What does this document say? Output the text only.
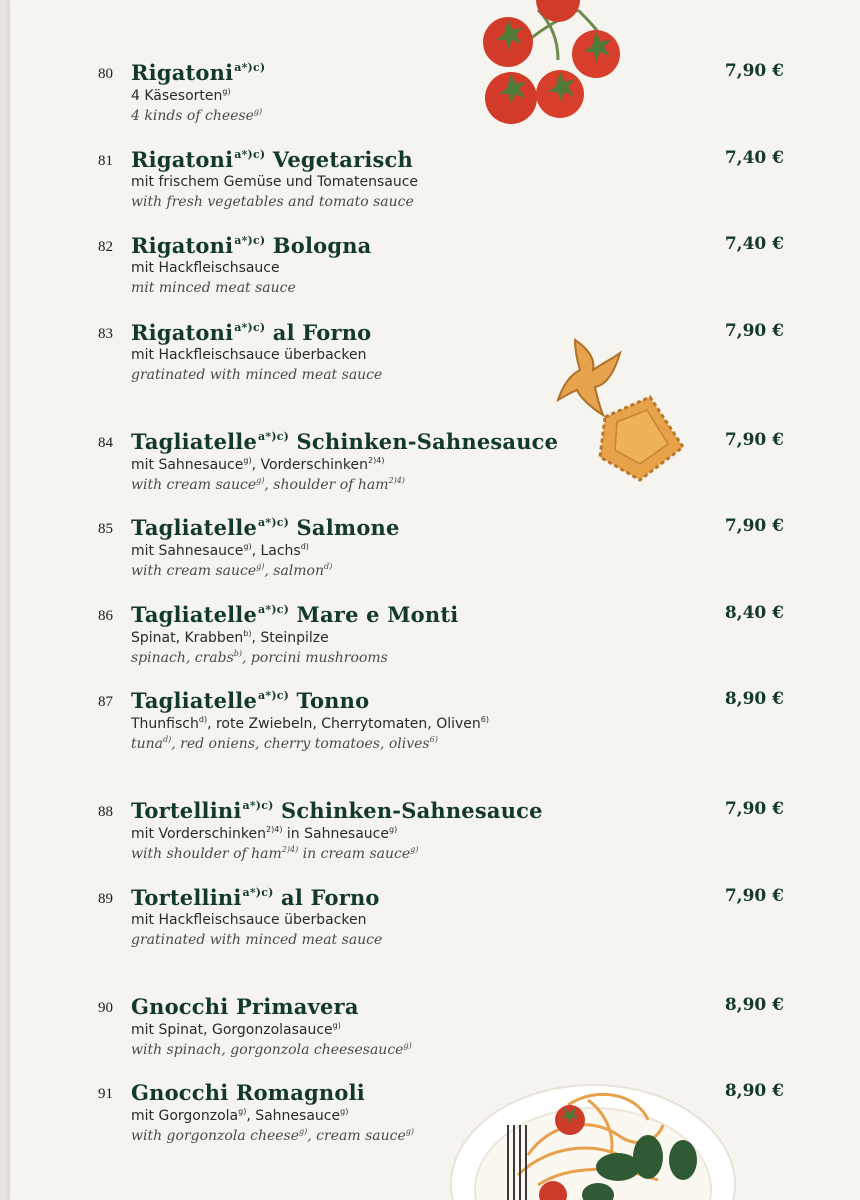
80 Rigatoni$^{a*)c)}$	7,90 €
4 Käsesorten$^{g)}$
4 kinds of cheese$^{g)}$
81 Rigatoni$^{a*)c)}$ Vegetarisch	7,40 €
mit frischem Gemüse und Tomatensauce
with fresh vegetables and tomato sauce
82 Rigatoni$^{a*)c)}$ Bologna	7,40 €
mit Hackfleischsauce
mit minced meat sauce
83 Rigatoni$^{a*)c)}$ al Forno	7,90 €
mit Hackfleischsauce überbacken
gratinated with minced meat sauce
84 Tagliatelle$^{a*)c)}$ Schinken-Sahnesauce	7,90 €
mit Sahnesauce$^{g)}$, Vorderschinken$^{2)4)}$
with cream sauce$^{g)}$, shoulder of ham$^{2)4)}$
85 Tagliatelle$^{a*)c)}$ Salmone	7,90 €
mit Sahnesauce$^{g)}$, Lachs$^{d)}$
with cream sauce$^{g)}$, salmon$^{d)}$
86 Tagliatelle$^{a*)c)}$ Mare e Monti	8,40 €
Spinat, Krabben$^{b)}$, Steinpilze
spinach, crabs$^{b)}$, porcini mushrooms
87 Tagliatelle$^{a*)c)}$ Tonno	8,90 €
Thunfisch$^{d)}$, rote Zwiebeln, Cherrytomaten, Oliven$^{6)}$
tuna$^{d)}$, red oniens, cherry tomatoes, olives$^{6)}$
88 Tortellini$^{a*)c)}$ Schinken-Sahnesauce	7,90 €
mit Vorderschinken$^{2)4)}$ in Sahnesauce$^{g)}$
with shoulder of ham$^{2)4)}$ in cream sauce$^{g)}$
89 Tortellini$^{a*)c)}$ al Forno	7,90 €
mit Hackfleischsauce überbacken
gratinated with minced meat sauce
90 Gnocchi Primavera	8,90 €
mit Spinat, Gorgonzolasauce$^{g)}$
with spinach, gorgonzola cheesesauce$^{g)}$
91 Gnocchi Romagnoli	8,90 €
mit Gorgonzola$^{g)}$, Sahnesauce$^{g)}$
with gorgonzola cheese$^{g)}$, cream sauce$^{g)}$
